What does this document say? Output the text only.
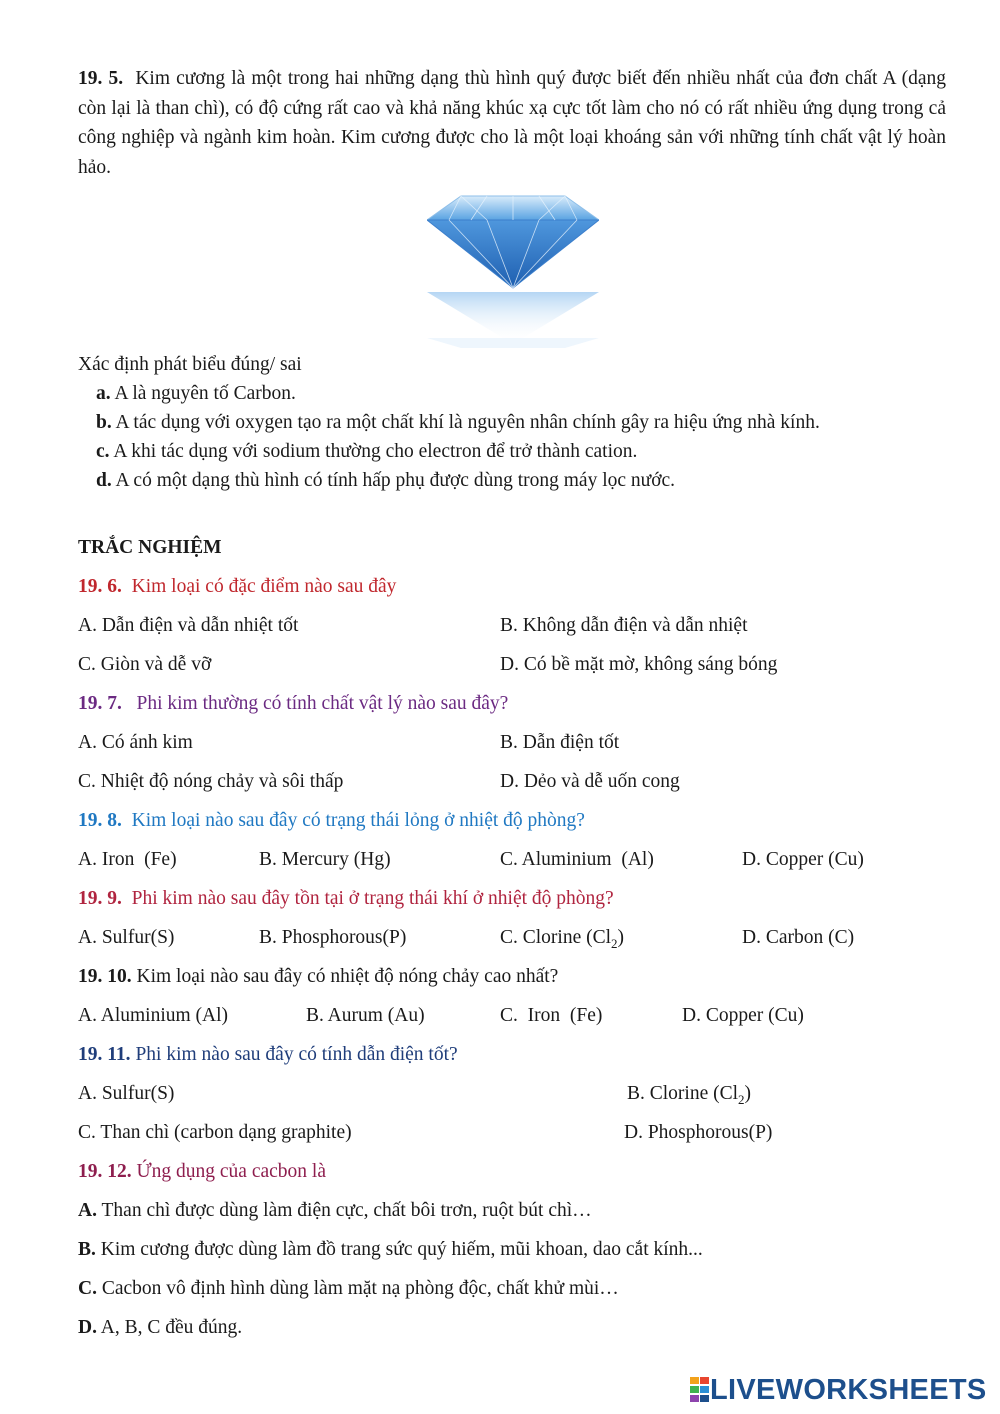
19. 5. Kim cương là một trong hai những dạng thù hình quý được biết đến nhiều nhất của đơn chất A (dạng còn lại là than chì), có độ cứng rất cao và khả năng khúc xạ cực tốt làm cho nó có rất nhiều ứng dụng trong cả công nghiệp và ngành kim hoàn. Kim cương được cho là một loại khoáng sản với những tính chất vật lý hoàn hảo.
Xác định phát biểu đúng/ sai
a. A là nguyên tố Carbon.
b. A tác dụng với oxygen tạo ra một chất khí là nguyên nhân chính gây ra hiệu ứng nhà kính.
c. A khi tác dụng với sodium thường cho electron để trở thành cation.
d. A có một dạng thù hình có tính hấp phụ được dùng trong máy lọc nước.
TRẮC NGHIỆM
19. 6. Kim loại có đặc điểm nào sau đây
A. Dẫn điện và dẫn nhiệt tốt	B. Không dẫn điện và dẫn nhiệt
C. Giòn và dễ vỡ	D. Có bề mặt mờ, không sáng bóng
19. 7. Phi kim thường có tính chất vật lý nào sau đây?
A. Có ánh kim	B. Dẫn điện tốt
C. Nhiệt độ nóng chảy và sôi thấp	D. Dẻo và dễ uốn cong
19. 8. Kim loại nào sau đây có trạng thái lỏng ở nhiệt độ phòng?
A. Iron  (Fe)	B. Mercury (Hg)	C. Aluminium  (Al)	D. Copper (Cu)
19. 9. Phi kim nào sau đây tồn tại ở trạng thái khí ở nhiệt độ phòng?
A. Sulfur(S)	B. Phosphorous(P)	C. Clorine $(Cl_2)$	D. Carbon (C)
19. 10. Kim loại nào sau đây có nhiệt độ nóng chảy cao nhất?
A. Aluminium (Al)	B. Aurum (Au)	C.  Iron  (Fe)	D. Copper (Cu)
19. 11. Phi kim nào sau đây có tính dẫn điện tốt?
A. Sulfur(S)	B. Clorine $(Cl_2)$
C. Than chì (carbon dạng graphite)	D. Phosphorous(P)
19. 12. Ứng dụng của cacbon là
A. Than chì được dùng làm điện cực, chất bôi trơn, ruột bút chì…
B. Kim cương được dùng làm đồ trang sức quý hiếm, mũi khoan, dao cắt kính...
C. Cacbon vô định hình dùng làm mặt nạ phòng độc, chất khử mùi…
D. A, B, C đều đúng.
LIVEWORKSHEETS
